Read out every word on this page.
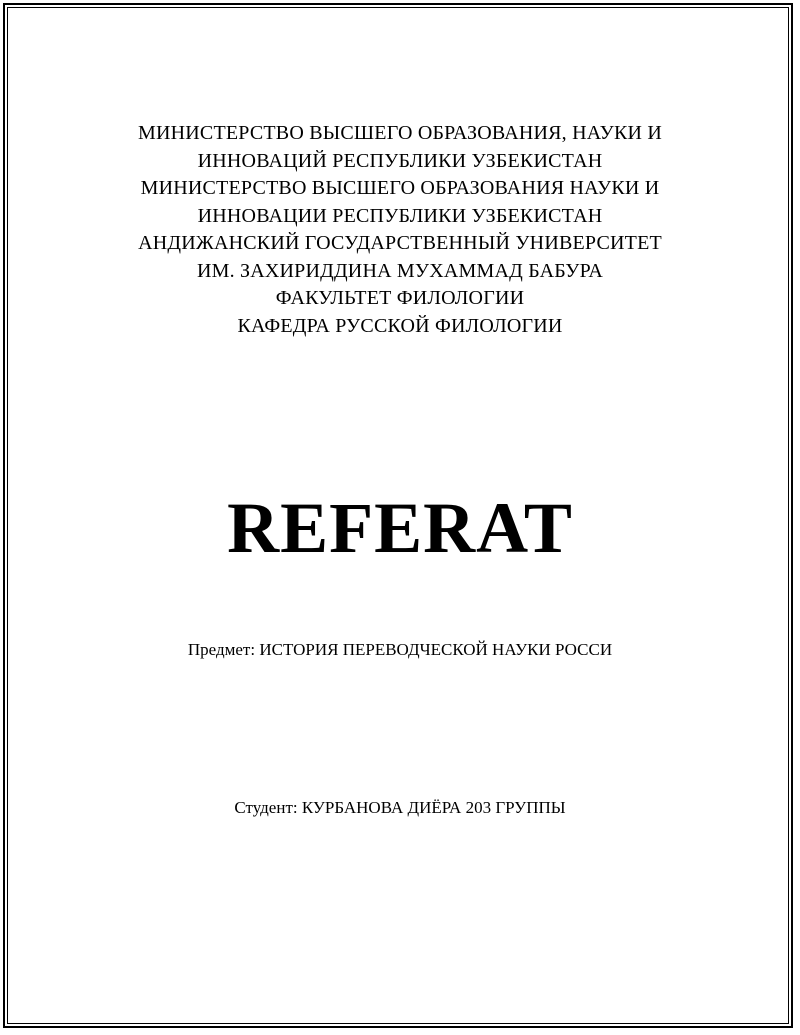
МИНИСТЕРСТВО ВЫСШЕГО ОБРАЗОВАНИЯ, НАУКИ И
ИННОВАЦИЙ РЕСПУБЛИКИ УЗБЕКИСТАН
МИНИСТЕРСТВО ВЫСШЕГО ОБРАЗОВАНИЯ НАУКИ И
ИННОВАЦИИ РЕСПУБЛИКИ УЗБЕКИСТАН
АНДИЖАНСКИЙ ГОСУДАРСТВЕННЫЙ УНИВЕРСИТЕТ
ИМ. ЗАХИРИДДИНА МУХАММАД БАБУРА
ФАКУЛЬТЕТ ФИЛОЛОГИИ
КАФЕДРА РУССКОЙ ФИЛОЛОГИИ
REFERAT
Предмет: ИСТОРИЯ ПЕРЕВОДЧЕСКОЙ НАУКИ РОССИ
Студент: КУРБАНОВА ДИЁРА 203 ГРУППЫ
